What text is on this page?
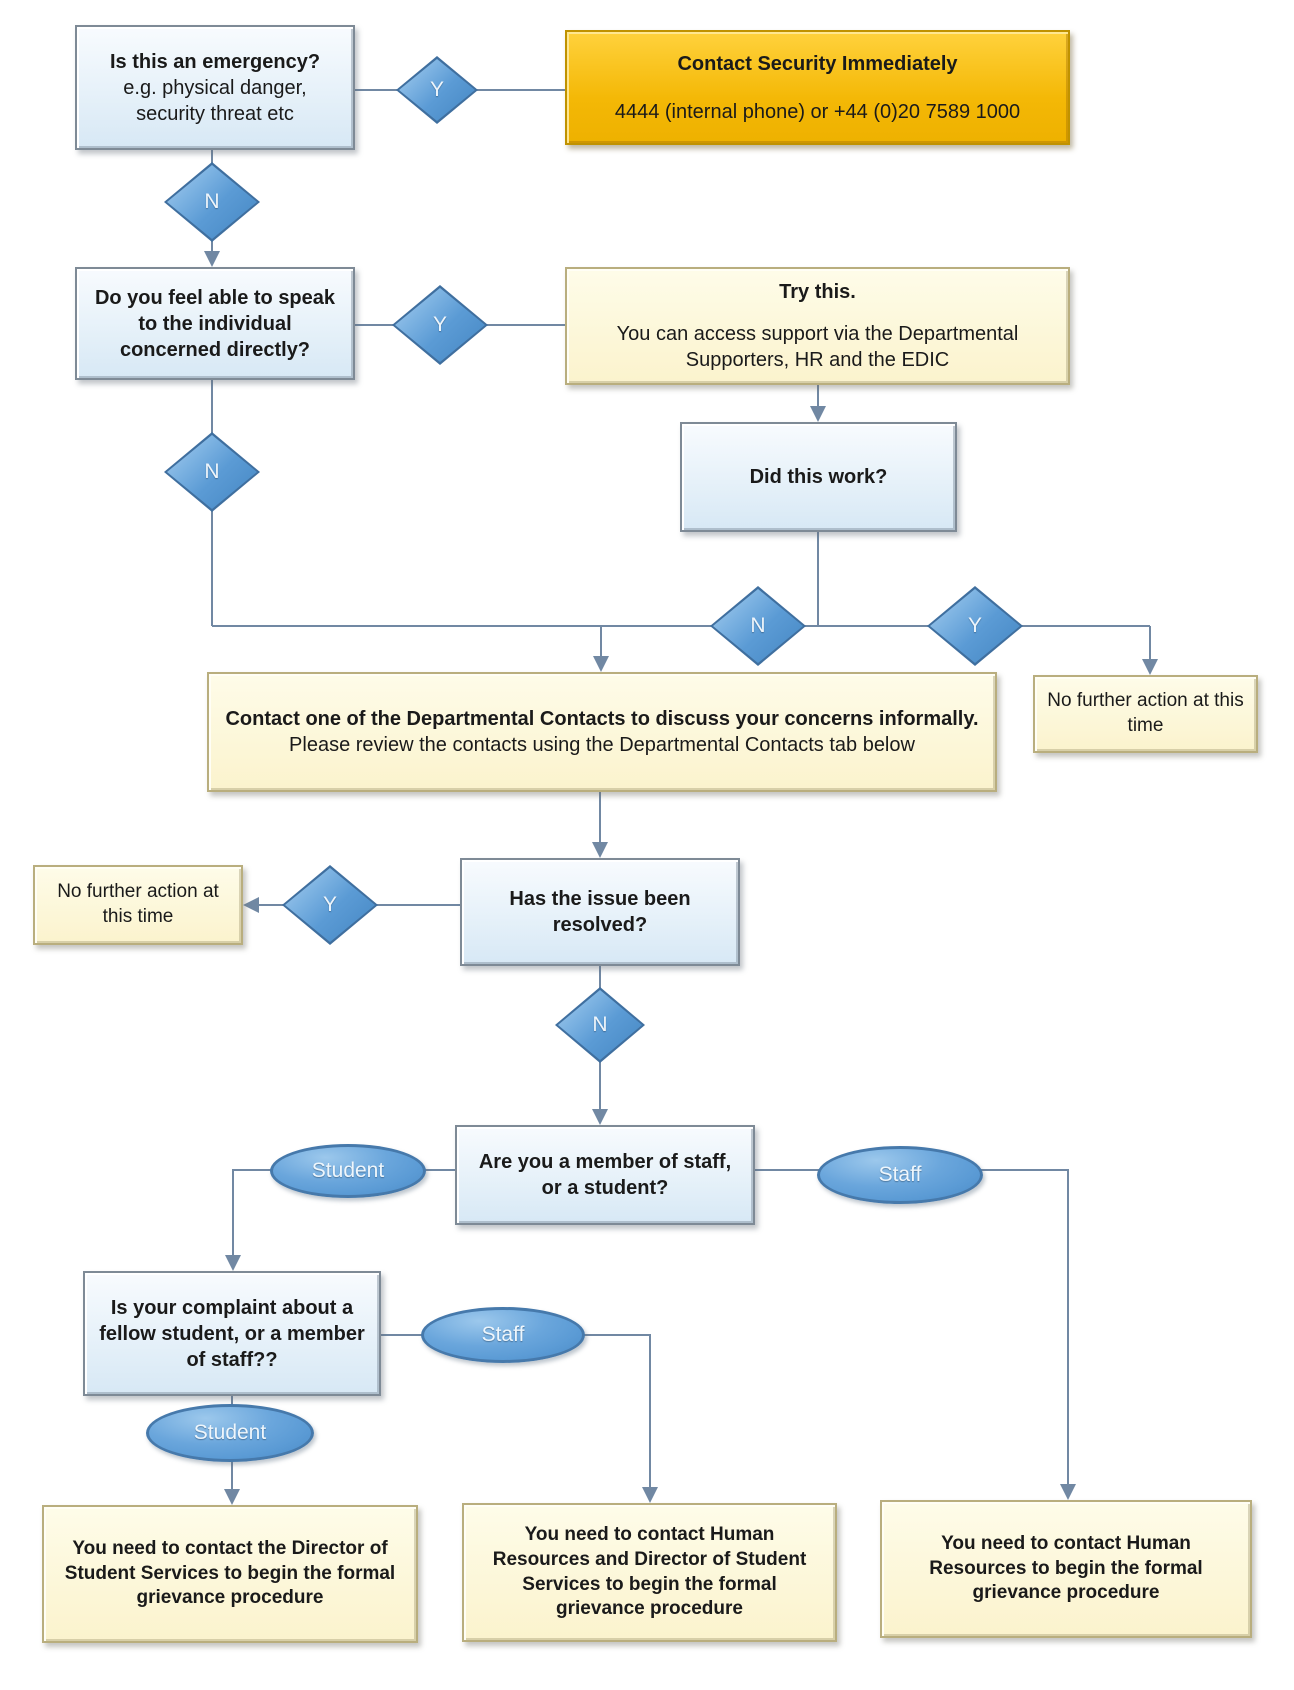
Is this an emergency?
e.g. physical danger,
security threat etc
Contact Security Immediately
4444 (internal phone) or +44 (0)20 7589 1000
Do you feel able to speak to the individual concerned directly?
Try this.
You can access support via the Departmental Supporters, HR and the EDIC
Did this work?
Contact one of the Departmental Contacts to discuss your concerns informally.
Please review the contacts using the Departmental Contacts tab below
No further action at this time
No further action at this time
Has the issue been resolved?
Are you a member of staff, or a student?
Is your complaint about a fellow student, or a member of staff??
You need to contact the Director of Student Services to begin the formal grievance procedure
You need to contact Human Resources and Director of Student Services to begin the formal grievance procedure
You need to contact Human Resources to begin the formal grievance procedure
Y
N
Y
N
N	Y
Y
N
Student	Staff
Staff
Student
